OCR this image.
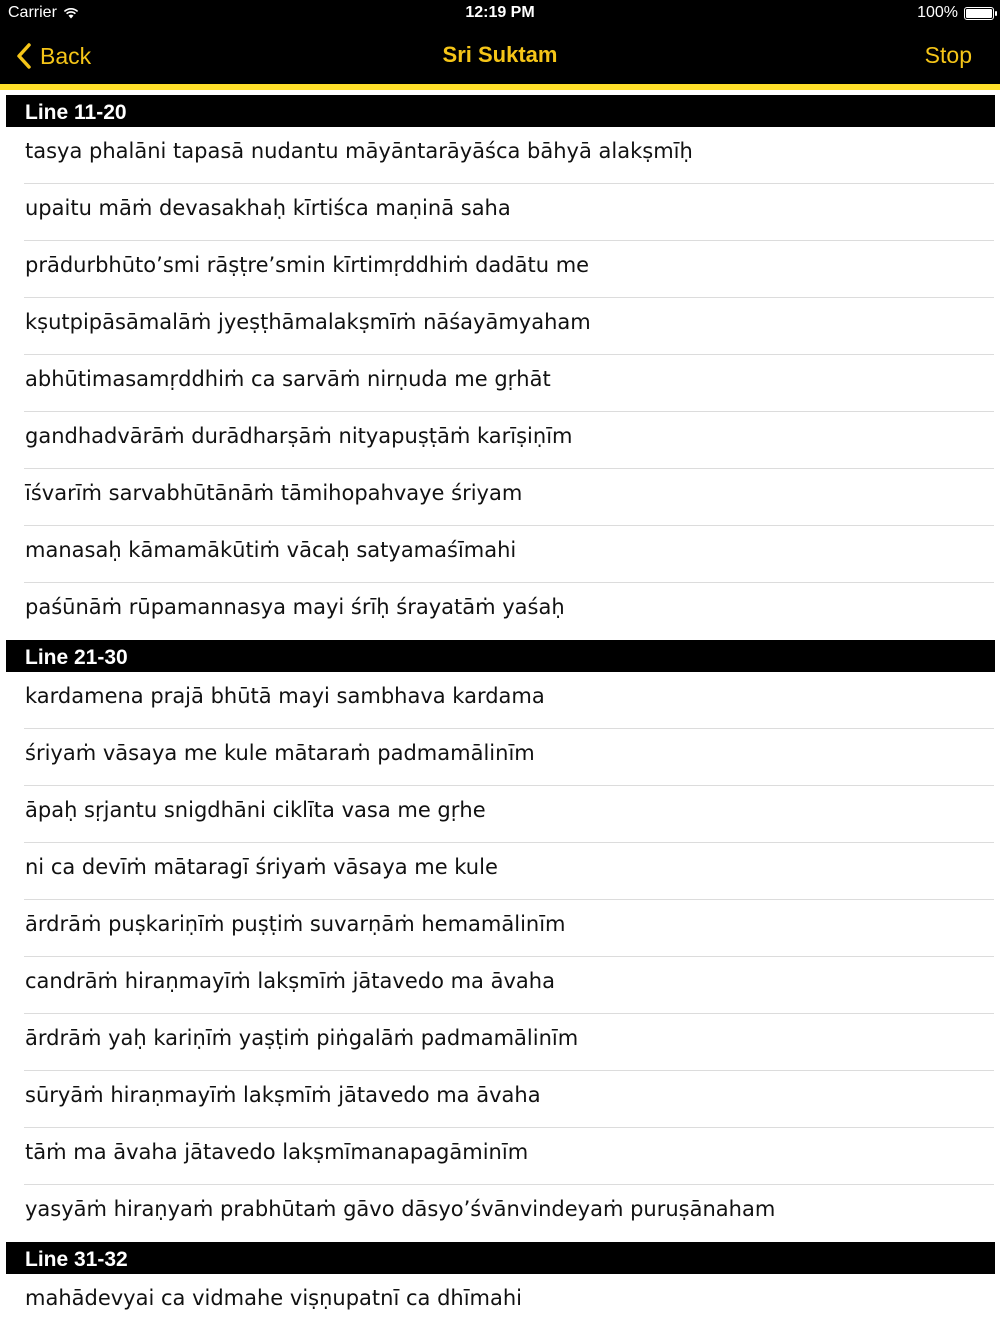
Carrier	12:19 PM	100%
Back	Sri Suktam	Stop
Line 11-20
tasya phalāni tapasā nudantu māyāntarāyāśca bāhyā alakṣmīḥ
upaitu māṁ devasakhaḥ kīrtiśca maṇinā saha
prādurbhūto’smi rāṣṭre’smin kīrtimṛddhiṁ dadātu me
kṣutpipāsāmalāṁ jyeṣṭhāmalakṣmīṁ nāśayāmyaham
abhūtimasamṛddhiṁ ca sarvāṁ nirṇuda me gṛhāt
gandhadvārāṁ durādharṣāṁ nityapuṣṭāṁ karīṣiṇīm
īśvarīṁ sarvabhūtānāṁ tāmihopahvaye śriyam
manasaḥ kāmamākūtiṁ vācaḥ satyamaśīmahi
paśūnāṁ rūpamannasya mayi śrīḥ śrayatāṁ yaśaḥ
Line 21-30
kardamena prajā bhūtā mayi sambhava kardama
śriyaṁ vāsaya me kule mātaraṁ padmamālinīm
āpaḥ sṛjantu snigdhāni ciklīta vasa me gṛhe
ni ca devīṁ mātaragī śriyaṁ vāsaya me kule
ārdrāṁ puṣkariṇīṁ puṣṭiṁ suvarṇāṁ hemamālinīm
candrāṁ hiraṇmayīṁ lakṣmīṁ jātavedo ma āvaha
ārdrāṁ yaḥ kariṇīṁ yaṣṭiṁ piṅgalāṁ padmamālinīm
sūryāṁ hiraṇmayīṁ lakṣmīṁ jātavedo ma āvaha
tāṁ ma āvaha jātavedo lakṣmīmanapagāminīm
yasyāṁ hiraṇyaṁ prabhūtaṁ gāvo dāsyo’śvānvindeyaṁ puruṣānaham
Line 31-32
mahādevyai ca vidmahe viṣṇupatnī ca dhīmahi
